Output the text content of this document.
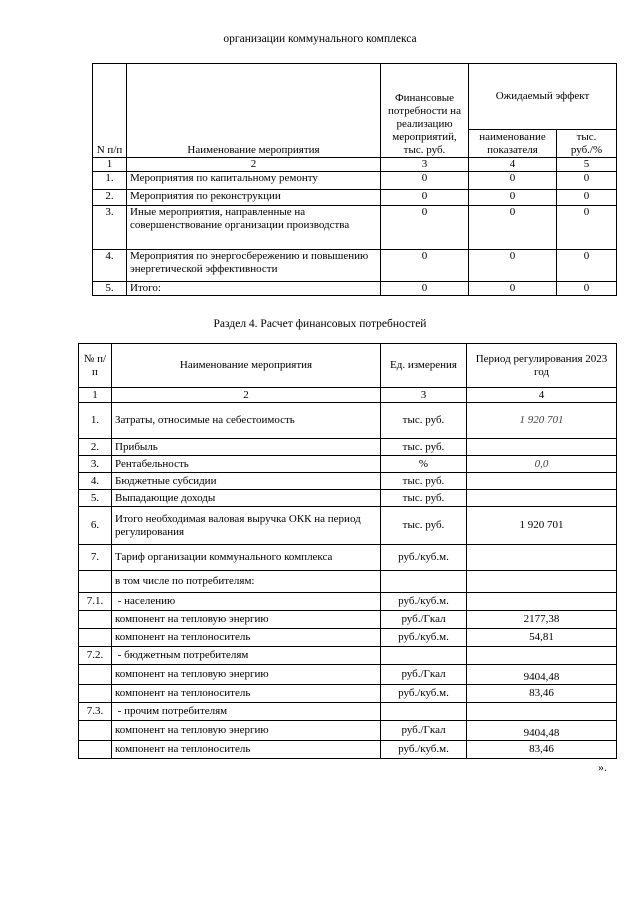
организации коммунального комплекса
N п/п	Наименование мероприятия	Финансовые потребности на реализацию мероприятий, тыс. руб.	Ожидаемый эффект	
			наименование показателя	тыс. руб./%
1	2	3	4	5
1.	Мероприятия по капитальному ремонту	0	0	0
2.	Мероприятия по реконструкции	0	0	0
3.	Иные мероприятия, направленные на совершенствование организации производства	0	0	0
4.	Мероприятия по энергосбережению и повышению энергетической эффективности	0	0	0
5.	Итого:	0	0	0
Раздел 4. Расчет финансовых потребностей
№ п/п	Наименование мероприятия	Ед. измерения	Период регулирования 2023 год
1	2	3	4
1.	Затраты, относимые на себестоимость	тыс. руб.	1 920 701
2.	Прибыль	тыс. руб.	
3.	Рентабельность	%	0,0
4.	Бюджетные субсидии	тыс. руб.	
5.	Выпадающие доходы	тыс. руб.	
6.	Итого необходимая валовая выручка ОКК на период регулирования	тыс. руб.	1 920 701
7.	Тариф организации коммунального комплекса	руб./куб.м.	
	в том числе по потребителям:		
7.1.	- населению	руб./куб.м.	
	компонент на тепловую энергию	руб./Гкал	2177,38
	компонент на теплоноситель	руб./куб.м.	54,81
7.2.	- бюджетным потребителям		
	компонент на тепловую энергию	руб./Гкал	9404,48
	компонент на теплоноситель	руб./куб.м.	83,46
7.3.	- прочим потребителям		
	компонент на тепловую энергию	руб./Гкал	9404,48
	компонент на теплоноситель	руб./куб.м.	83,46
».
